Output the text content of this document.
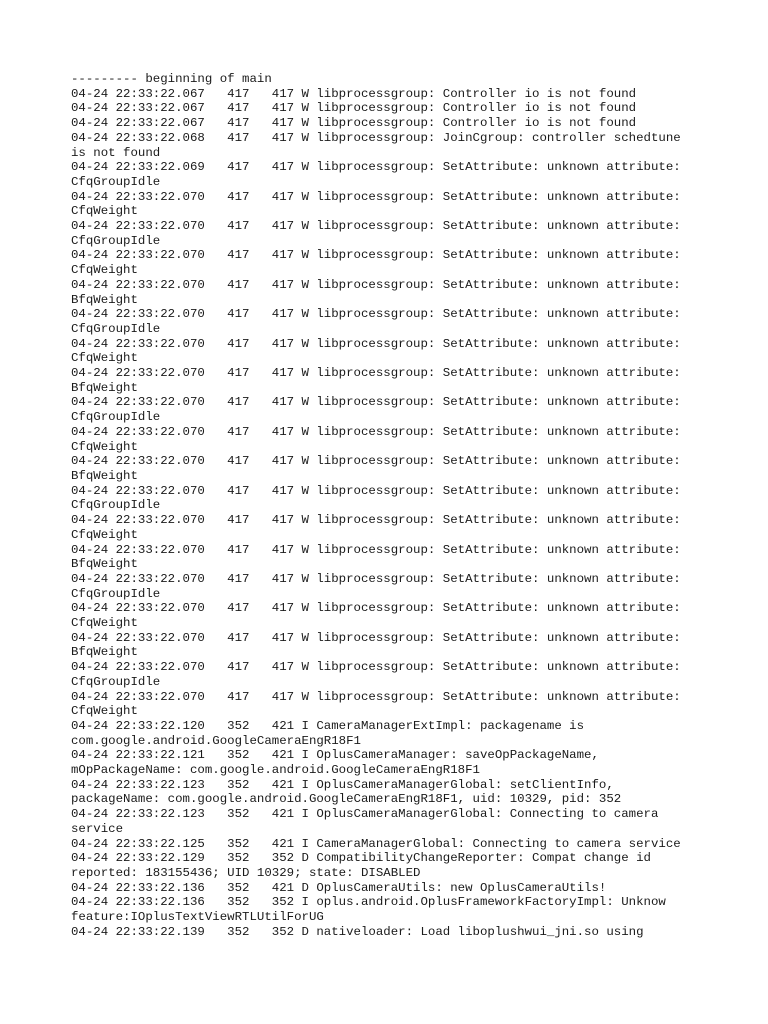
--------- beginning of main
04-24 22:33:22.067   417   417 W libprocessgroup: Controller io is not found
04-24 22:33:22.067   417   417 W libprocessgroup: Controller io is not found
04-24 22:33:22.067   417   417 W libprocessgroup: Controller io is not found
04-24 22:33:22.068   417   417 W libprocessgroup: JoinCgroup: controller schedtune
is not found
04-24 22:33:22.069   417   417 W libprocessgroup: SetAttribute: unknown attribute:
CfqGroupIdle
04-24 22:33:22.070   417   417 W libprocessgroup: SetAttribute: unknown attribute:
CfqWeight
04-24 22:33:22.070   417   417 W libprocessgroup: SetAttribute: unknown attribute:
CfqGroupIdle
04-24 22:33:22.070   417   417 W libprocessgroup: SetAttribute: unknown attribute:
CfqWeight
04-24 22:33:22.070   417   417 W libprocessgroup: SetAttribute: unknown attribute:
BfqWeight
04-24 22:33:22.070   417   417 W libprocessgroup: SetAttribute: unknown attribute:
CfqGroupIdle
04-24 22:33:22.070   417   417 W libprocessgroup: SetAttribute: unknown attribute:
CfqWeight
04-24 22:33:22.070   417   417 W libprocessgroup: SetAttribute: unknown attribute:
BfqWeight
04-24 22:33:22.070   417   417 W libprocessgroup: SetAttribute: unknown attribute:
CfqGroupIdle
04-24 22:33:22.070   417   417 W libprocessgroup: SetAttribute: unknown attribute:
CfqWeight
04-24 22:33:22.070   417   417 W libprocessgroup: SetAttribute: unknown attribute:
BfqWeight
04-24 22:33:22.070   417   417 W libprocessgroup: SetAttribute: unknown attribute:
CfqGroupIdle
04-24 22:33:22.070   417   417 W libprocessgroup: SetAttribute: unknown attribute:
CfqWeight
04-24 22:33:22.070   417   417 W libprocessgroup: SetAttribute: unknown attribute:
BfqWeight
04-24 22:33:22.070   417   417 W libprocessgroup: SetAttribute: unknown attribute:
CfqGroupIdle
04-24 22:33:22.070   417   417 W libprocessgroup: SetAttribute: unknown attribute:
CfqWeight
04-24 22:33:22.070   417   417 W libprocessgroup: SetAttribute: unknown attribute:
BfqWeight
04-24 22:33:22.070   417   417 W libprocessgroup: SetAttribute: unknown attribute:
CfqGroupIdle
04-24 22:33:22.070   417   417 W libprocessgroup: SetAttribute: unknown attribute:
CfqWeight
04-24 22:33:22.120   352   421 I CameraManagerExtImpl: packagename is
com.google.android.GoogleCameraEngR18F1
04-24 22:33:22.121   352   421 I OplusCameraManager: saveOpPackageName,
mOpPackageName: com.google.android.GoogleCameraEngR18F1
04-24 22:33:22.123   352   421 I OplusCameraManagerGlobal: setClientInfo,
packageName: com.google.android.GoogleCameraEngR18F1, uid: 10329, pid: 352
04-24 22:33:22.123   352   421 I OplusCameraManagerGlobal: Connecting to camera
service
04-24 22:33:22.125   352   421 I CameraManagerGlobal: Connecting to camera service
04-24 22:33:22.129   352   352 D CompatibilityChangeReporter: Compat change id
reported: 183155436; UID 10329; state: DISABLED
04-24 22:33:22.136   352   421 D OplusCameraUtils: new OplusCameraUtils!
04-24 22:33:22.136   352   352 I oplus.android.OplusFrameworkFactoryImpl: Unknow
feature:IOplusTextViewRTLUtilForUG
04-24 22:33:22.139   352   352 D nativeloader: Load liboplushwui_jni.so using
